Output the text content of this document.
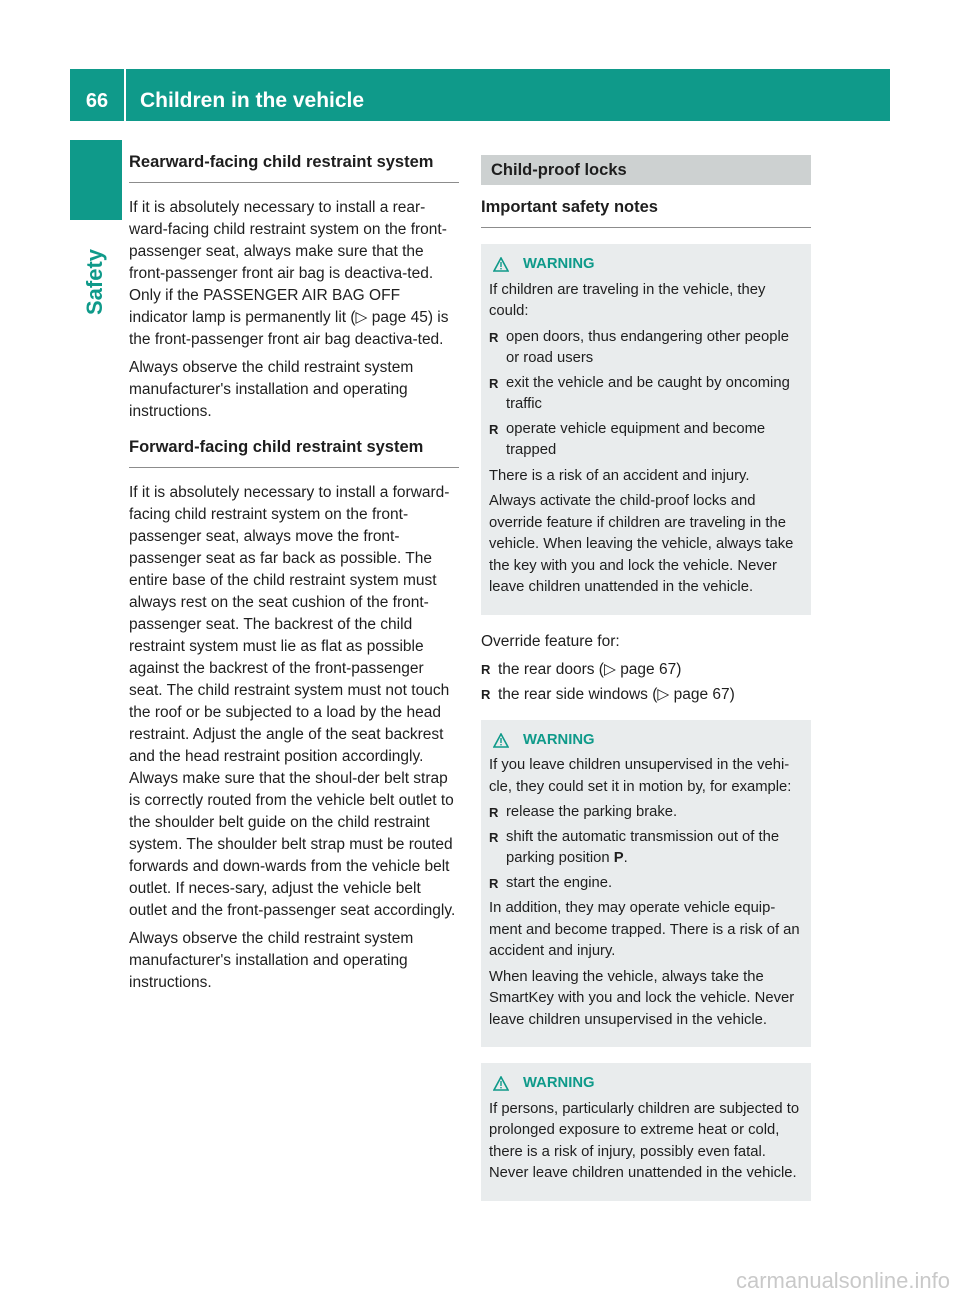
66	Children in the vehicle
Safety
Rearward-facing child restraint system

If it is absolutely necessary to install a rear-ward-facing child restraint system on the front-passenger seat, always make sure that the front-passenger front air bag is deactiva-ted. Only if the PASSENGER AIR BAG OFF indicator lamp is permanently lit (▷ page 45) is the front-passenger front air bag deactiva-ted.

Always observe the child restraint system manufacturer's installation and operating instructions.

Forward-facing child restraint system

If it is absolutely necessary to install a forward-facing child restraint system on the front-passenger seat, always move the front-passenger seat as far back as possible. The entire base of the child restraint system must always rest on the seat cushion of the front-passenger seat. The backrest of the child restraint system must lie as flat as possible against the backrest of the front-passenger seat. The child restraint system must not touch the roof or be subjected to a load by the head restraint. Adjust the angle of the seat backrest and the head restraint position accordingly. Always make sure that the shoul-der belt strap is correctly routed from the vehicle belt outlet to the shoulder belt guide on the child restraint system. The shoulder belt strap must be routed forwards and down-wards from the vehicle belt outlet. If neces-sary, adjust the vehicle belt outlet and the front-passenger seat accordingly.

Always observe the child restraint system manufacturer's installation and operating instructions.

Child-proof locks
Important safety notes
WARNING

If children are traveling in the vehicle, they could:

R open doors, thus endangering other people or road users
R exit the vehicle and be caught by oncoming traffic
R operate vehicle equipment and become trapped

There is a risk of an accident and injury.

Always activate the child-proof locks and override feature if children are traveling in the vehicle. When leaving the vehicle, always take the key with you and lock the vehicle. Never leave children unattended in the vehicle.

Override feature for:

R the rear doors (▷ page 67)
R the rear side windows (▷ page 67)
WARNING

If you leave children unsupervised in the vehi-cle, they could set it in motion by, for example:

R release the parking brake.
R shift the automatic transmission out of the parking position P.
R start the engine.

In addition, they may operate vehicle equip-ment and become trapped. There is a risk of an accident and injury.

When leaving the vehicle, always take the SmartKey with you and lock the vehicle. Never leave children unsupervised in the vehicle.

WARNING

If persons, particularly children are subjected to prolonged exposure to extreme heat or cold, there is a risk of injury, possibly even fatal. Never leave children unattended in the vehicle.

carmanualsonline.info
